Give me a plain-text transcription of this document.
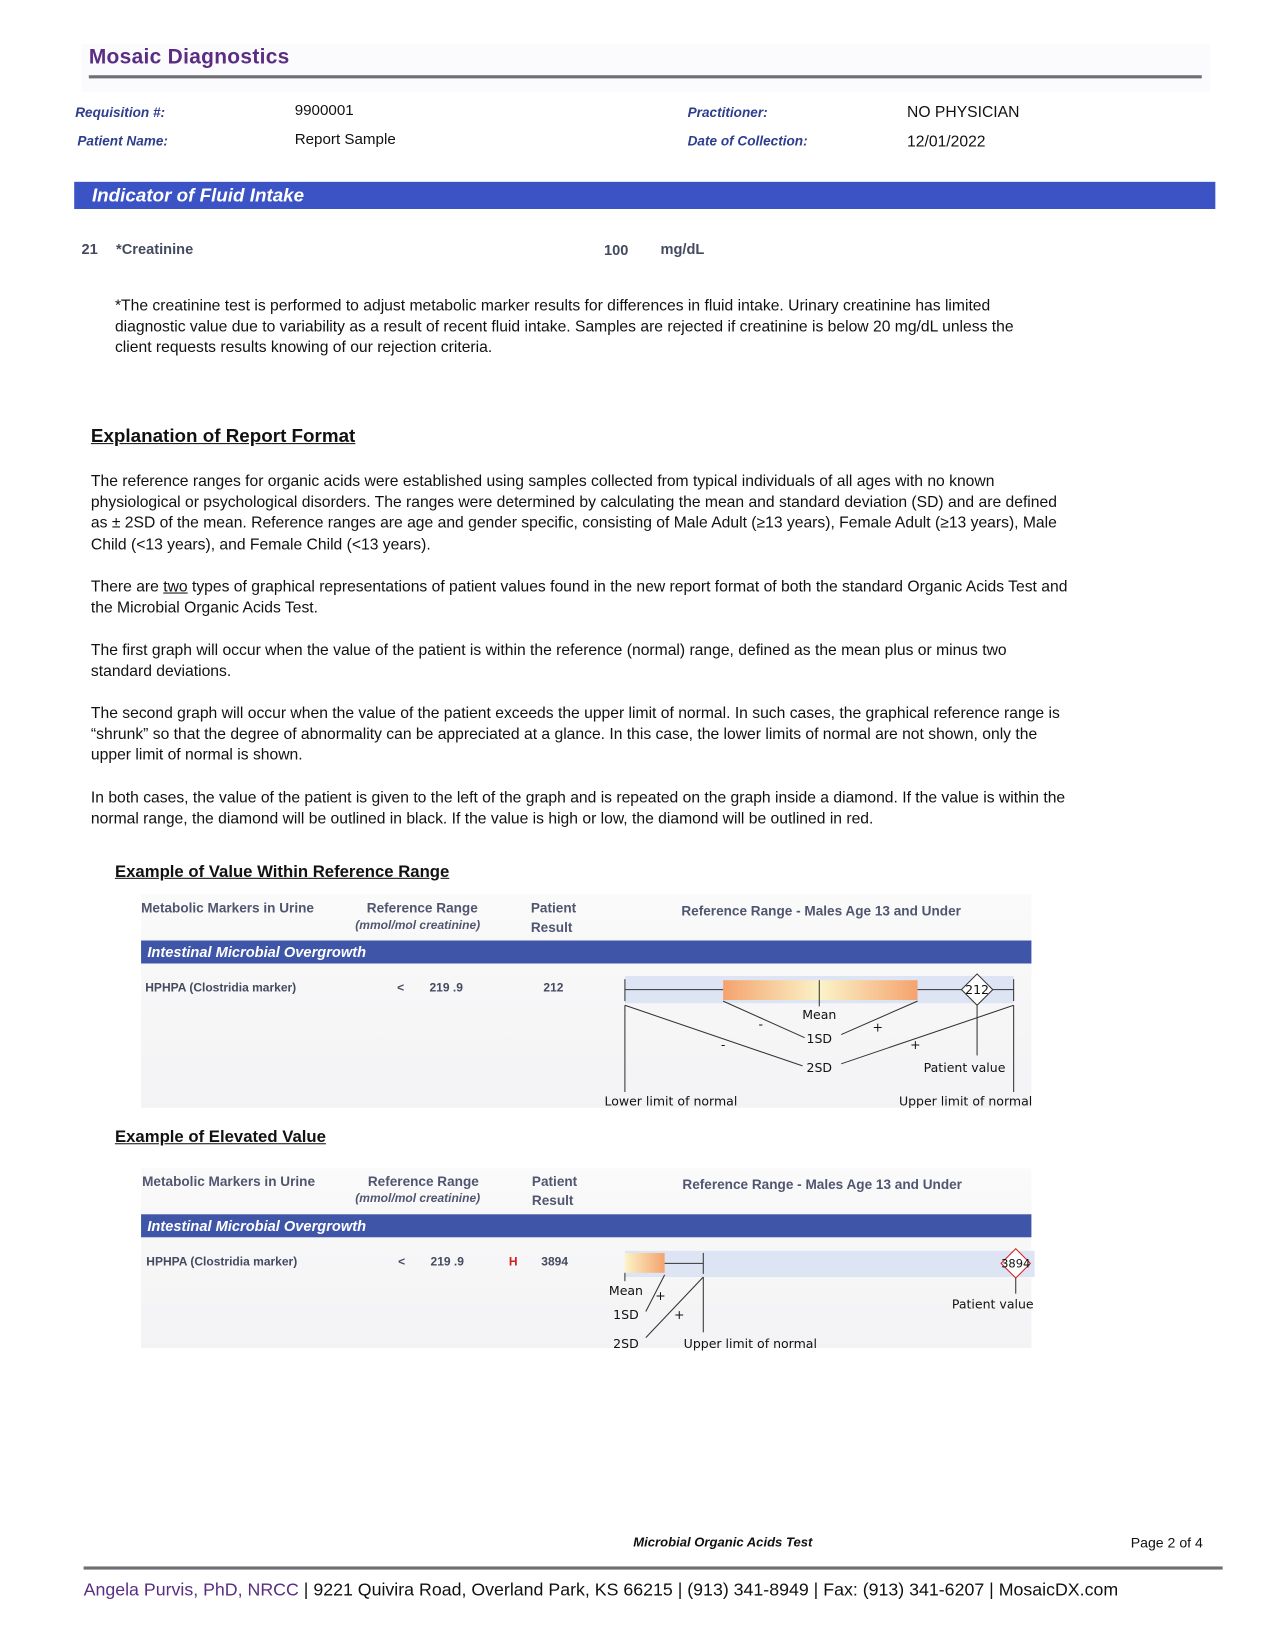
Mosaic Diagnostics
Requisition #:	9900001
Patient Name:	Report Sample
Practitioner:	NO PHYSICIAN
Date of Collection:	12/01/2022
Indicator of Fluid Intake
21 *Creatinine	100 mg/dL
*The creatinine test is performed to adjust metabolic marker results for differences in fluid intake. Urinary creatinine has limited diagnostic value due to variability as a result of recent fluid intake. Samples are rejected if creatinine is below 20 mg/dL unless the client requests results knowing of our rejection criteria.
Explanation of Report Format
The reference ranges for organic acids were established using samples collected from typical individuals of all ages with no known physiological or psychological disorders. The ranges were determined by calculating the mean and standard deviation (SD) and are defined as ± 2SD of the mean. Reference ranges are age and gender specific, consisting of Male Adult (≥13 years), Female Adult (≥13 years), Male Child (<13 years), and Female Child (<13 years).
There are two types of graphical representations of patient values found in the new report format of both the standard Organic Acids Test and the Microbial Organic Acids Test.
The first graph will occur when the value of the patient is within the reference (normal) range, defined as the mean plus or minus two standard deviations.
The second graph will occur when the value of the patient exceeds the upper limit of normal. In such cases, the graphical reference range is “shrunk” so that the degree of abnormality can be appreciated at a glance. In this case, the lower limits of normal are not shown, only the upper limit of normal is shown.
In both cases, the value of the patient is given to the left of the graph and is repeated on the graph inside a diamond. If the value is within the normal range, the diamond will be outlined in black. If the value is high or low, the diamond will be outlined in red.
Example of Value Within Reference Range
Metabolic Markers in Urine	Reference Range
(mmol/mol creatinine)
Patient
Result
Reference Range - Males Age 13 and Under
Intestinal Microbial Overgrowth
HPHPA (Clostridia marker)	< 219 .9	212
Example of Elevated Value
Metabolic Markers in Urine	Reference Range
(mmol/mol creatinine)
Patient
Result
Reference Range - Males Age 13 and Under
Intestinal Microbial Overgrowth
HPHPA (Clostridia marker)	< 219 .9	H 3894
212
Mean
1SD
2SD
-	+
-	+
Patient value
Lower limit of normal	Upper limit of normal
3894
Mean +
1SD	+
2SD	Upper limit of normal
Patient value
Microbial Organic Acids Test	Page 2 of 4
Angela Purvis, PhD, NRCC | 9221 Quivira Road, Overland Park, KS 66215 | (913) 341-8949 | Fax: (913) 341-6207 | MosaicDX.com
